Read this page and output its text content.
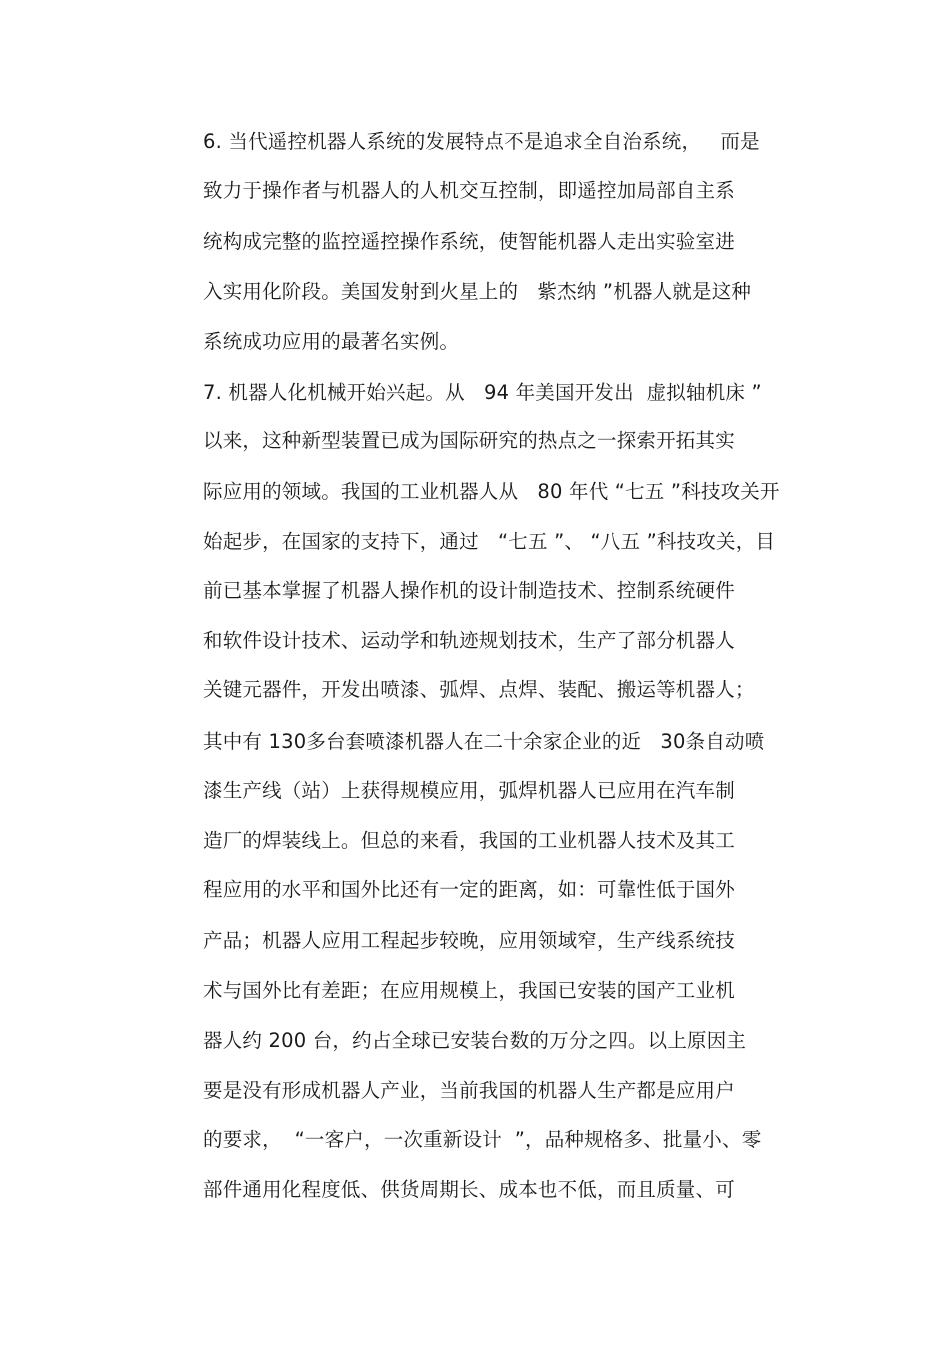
6. 当代遥控机器人系统的发展特点不是追求全自治系统，   而是
致力于操作者与机器人的人机交互控制，即遥控加局部自主系
统构成完整的监控遥控操作系统，使智能机器人走出实验室进
入实用化阶段。美国发射到火星上的   紫杰纳 ”机器人就是这种
系统成功应用的最著名实例。
7. 机器人化机械开始兴起。从   94 年美国开发出  虚拟轴机床 ”
以来，这种新型装置已成为国际研究的热点之一探索开拓其实
际应用的领域。我国的工业机器人从   80 年代 “七五 ”科技攻关开
始起步，在国家的支持下，通过   “七五 ”、 “八五 ”科技攻关，目
前已基本掌握了机器人操作机的设计制造技术、控制系统硬件
和软件设计技术、运动学和轨迹规划技术，生产了部分机器人
关键元器件，开发出喷漆、弧焊、点焊、装配、搬运等机器人；
其中有 130多台套喷漆机器人在二十余家企业的近   30条自动喷
漆生产线（站）上获得规模应用，弧焊机器人已应用在汽车制
造厂的焊装线上。但总的来看，我国的工业机器人技术及其工
程应用的水平和国外比还有一定的距离，如：可靠性低于国外
产品；机器人应用工程起步较晚，应用领域窄，生产线系统技
术与国外比有差距；在应用规模上，我国已安装的国产工业机
器人约 200 台，约占全球已安装台数的万分之四。以上原因主
要是没有形成机器人产业，当前我国的机器人生产都是应用户
的要求，  “一客户，一次重新设计  ”，品种规格多、批量小、零
部件通用化程度低、供货周期长、成本也不低，而且质量、可
